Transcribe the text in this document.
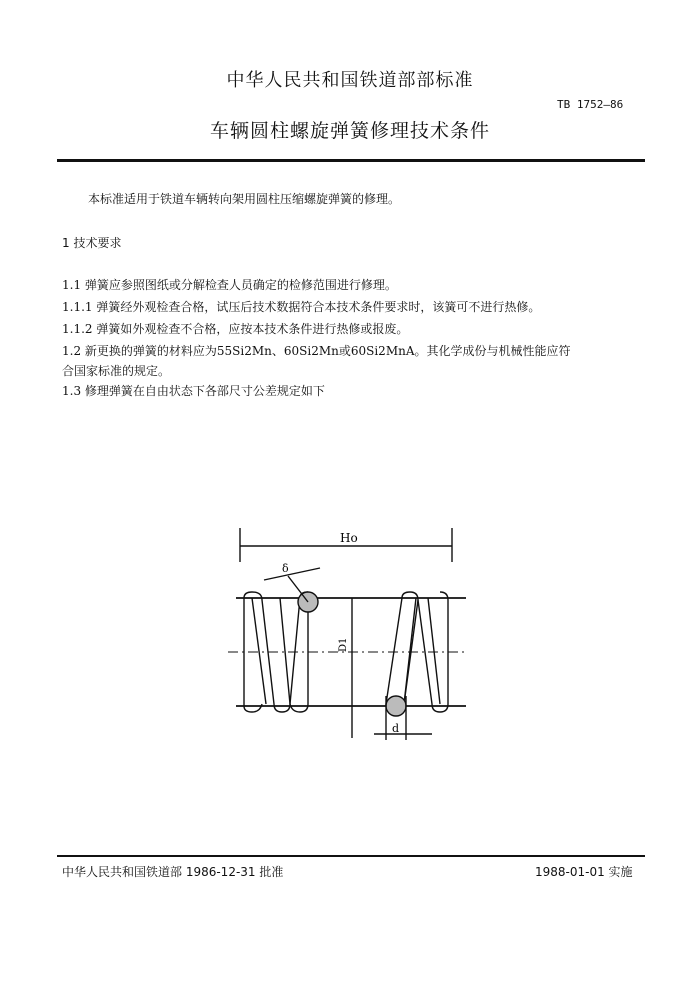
中华人民共和国铁道部部标准
TB 1752—86
车辆圆柱螺旋弹簧修理技术条件
本标准适用于铁道车辆转向架用圆柱压缩螺旋弹簧的修理。
1 技术要求
1.1 弹簧应参照图纸或分解检查人员确定的检修范围进行修理。
1.1.1 弹簧经外观检查合格，试压后技术数据符合本技术条件要求时，该簧可不进行热修。
1.1.2 弹簧如外观检查不合格，应按本技术条件进行热修或报废。
1.2 新更换的弹簧的材料应为55Si2Mn、60Si2Mn或60Si2MnA。其化学成份与机械性能应符
合国家标准的规定。
1.3 修理弹簧在自由状态下各部尺寸公差规定如下
Ho
δ
D1
d
中华人民共和国铁道部 1986-12-31 批准	1988-01-01 实施
